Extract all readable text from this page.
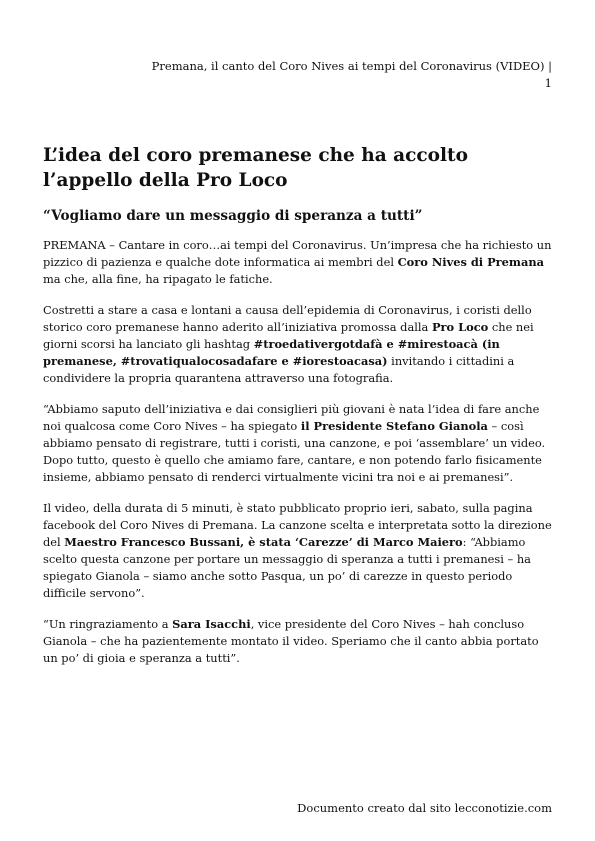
Premana, il canto del Coro Nives ai tempi del Coronavirus (VIDEO) | 1
L’idea del coro premanese che ha accolto l’appello della Pro Loco
“Vogliamo dare un messaggio di speranza a tutti”

PREMANA – Cantare in coro…ai tempi del Coronavirus. Un’impresa che ha richiesto un pizzico di pazienza e qualche dote informatica ai membri del Coro Nives di Premana ma che, alla fine, ha ripagato le fatiche.

Costretti a stare a casa e lontani a causa dell’epidemia di Coronavirus, i coristi dello storico coro premanese hanno aderito all’iniziativa promossa dalla Pro Loco che nei giorni scorsi ha lanciato gli hashtag #troedativergotdafà e #mirestoacà (in premanese, #trovatiqualocosadafare e #iorestoacasa) invitando i cittadini a condividere la propria quarantena attraverso una fotografia.

“Abbiamo saputo dell’iniziativa e dai consiglieri più giovani è nata l’idea di fare anche noi qualcosa come Coro Nives – ha spiegato il Presidente Stefano Gianola – così abbiamo pensato di registrare, tutti i coristi, una canzone, e poi ‘assemblare’ un video. Dopo tutto, questo è quello che amiamo fare, cantare, e non potendo farlo fisicamente insieme, abbiamo pensato di renderci virtualmente vicini tra noi e ai premanesi”.

Il video, della durata di 5 minuti, è stato pubblicato proprio ieri, sabato, sulla pagina facebook del Coro Nives di Premana. La canzone scelta e interpretata sotto la direzione del Maestro Francesco Bussani, è stata ‘Carezze’ di Marco Maiero: “Abbiamo scelto questa canzone per portare un messaggio di speranza a tutti i premanesi – ha spiegato Gianola – siamo anche sotto Pasqua, un po’ di carezze in questo periodo difficile servono”.

“Un ringraziamento a Sara Isacchi, vice presidente del Coro Nives – hah concluso Gianola – che ha pazientemente montato il video. Speriamo che il canto abbia portato un po’ di gioia e speranza a tutti”.

Documento creato dal sito lecconotizie.com
